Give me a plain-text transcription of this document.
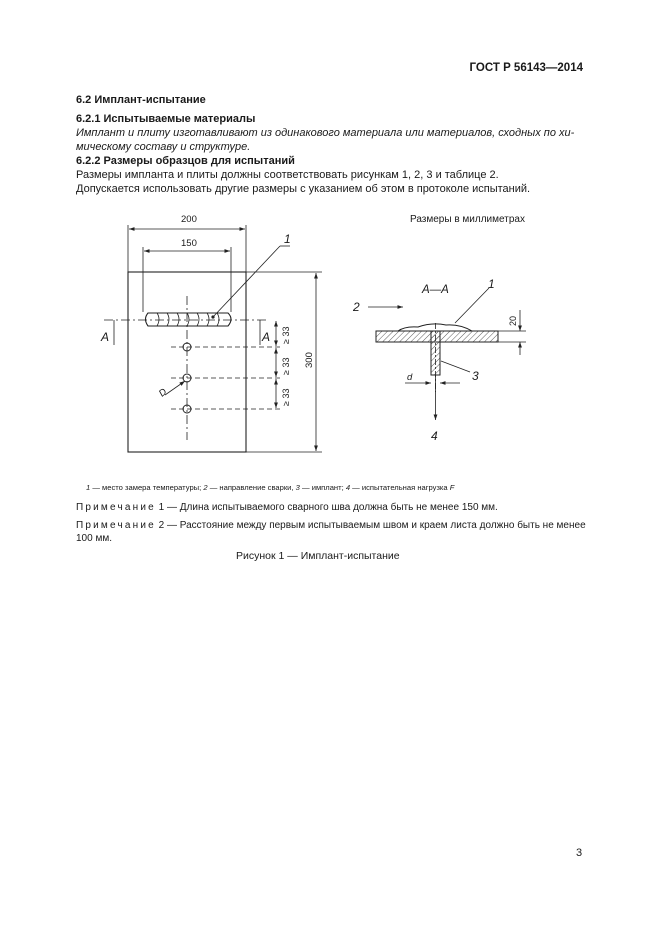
ГОСТ Р 56143—2014
6.2 Имплант-испытание
6.2.1 Испытываемые материалы
Имплант и плиту изготавливают из одинакового материала или материалов, сходных по хи-
мическому составу и структуре.
6.2.2 Размеры образцов для испытаний
Размеры импланта и плиты должны соответствовать рисункам 1, 2, 3 и таблице 2.
Допускается использовать другие размеры с указанием об этом в протоколе испытаний.
Размеры в миллиметрах
200
150
300
≥ 33
≥ 33
≥ 33
A	A
D
1
A—A	1
2
3
4
20
d
1 — место замера температуры; 2 — направление сварки, 3 — имплант; 4 — испытательная нагрузка F
Примечание 1 — Длина испытываемого сварного шва должна быть не менее 150 мм.
Примечание 2 — Расстояние между первым испытываемым швом и краем листа должно быть не менее
100 мм.
Рисунок 1 — Имплант-испытание
3
